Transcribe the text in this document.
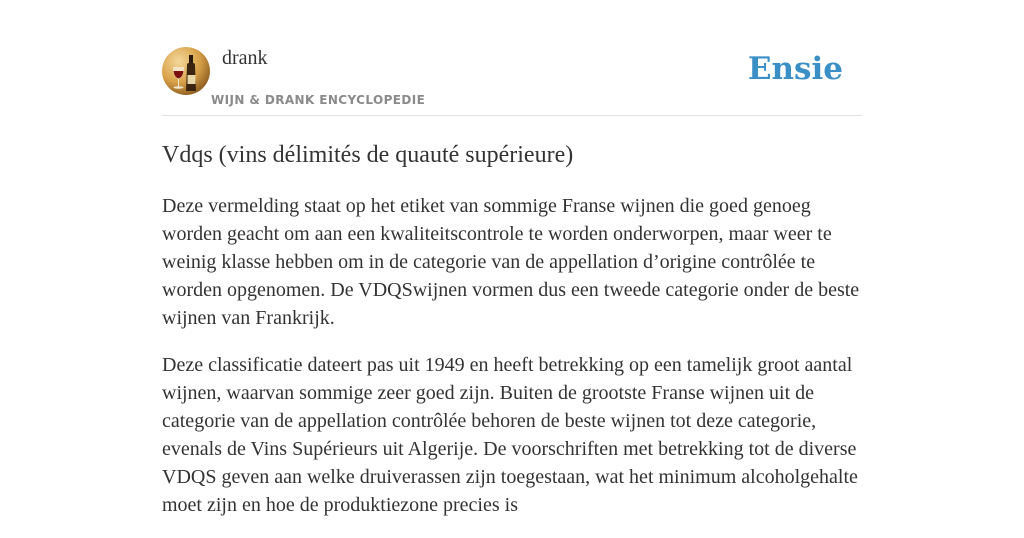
drank
WIJN & DRANK ENCYCLOPEDIE
Ensie
Vdqs (vins délimités de quauté supérieure)

Deze vermelding staat op het etiket van sommige Franse wijnen die goed genoeg worden geacht om aan een kwaliteitscontrole te worden onderworpen, maar weer te weinig klasse hebben om in de categorie van de appellation d’origine contrôlée te worden opgenomen. De VDQSwijnen vormen dus een tweede categorie onder de beste wijnen van Frankrijk.

Deze classificatie dateert pas uit 1949 en heeft betrekking op een tamelijk groot aantal wijnen, waarvan sommige zeer goed zijn. Buiten de grootste Franse wijnen uit de categorie van de appellation contrôlée behoren de beste wijnen tot deze categorie, evenals de Vins Supérieurs uit Algerije. De voorschriften met betrekking tot de diverse VDQS geven aan welke druiverassen zijn toegestaan, wat het minimum alcoholgehalte moet zijn en hoe de produktiezone precies is
